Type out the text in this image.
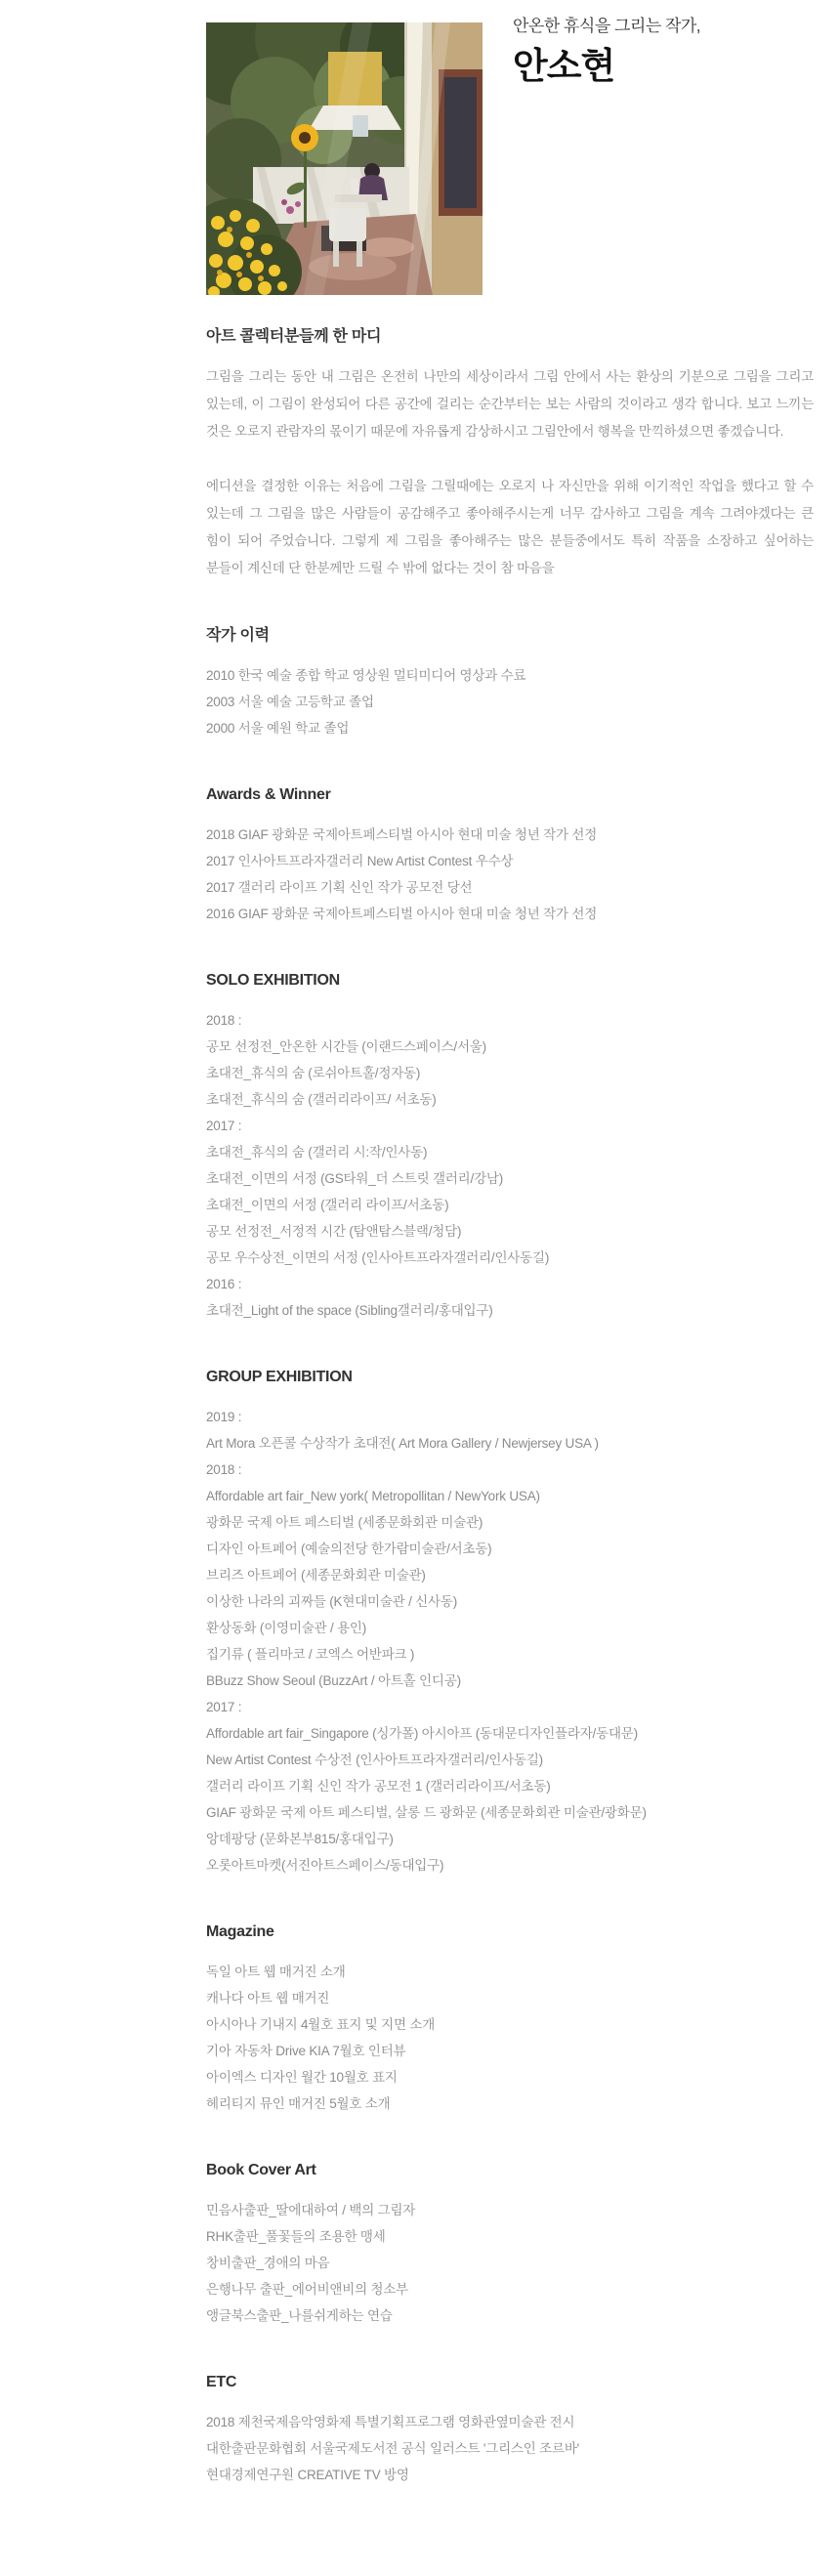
안온한 휴식을 그리는 작가,
안소현
아트 콜렉터분들께 한 마디

그림을 그리는 동안 내 그림은 온전히 나만의 세상이라서 그림 안에서 사는 환상의 기분으로 그림을 그리고 있는데, 이 그림이 완성되어 다른 공간에 걸리는 순간부터는 보는 사람의 것이라고 생각 합니다. 보고 느끼는 것은 오로지 관람자의 몫이기 때문에 자유롭게 감상하시고 그림안에서 행복을 만끽하셨으면 좋겠습니다.

에디션을 결정한 이유는 처음에 그림을 그릴때에는 오로지 나 자신만을 위해 이기적인 작업을 했다고 할 수 있는데 그 그림을 많은 사람들이 공감해주고 좋아해주시는게 너무 감사하고 그림을 계속 그려야겠다는 큰 힘이 되어 주었습니다. 그렇게 제 그림을 좋아해주는 많은 분들중에서도 특히 작품을 소장하고 싶어하는 분들이 계신데 단 한분께만 드릴 수 밖에 없다는 것이 참 마음을

작가 이력
2010 한국 예술 종합 학교 영상원 멀티미디어 영상과 수료
2003 서울 예술 고등학교 졸업
2000 서울 예원 학교 졸업
Awards & Winner
2018 GIAF 광화문 국제아트페스티벌 아시아 현대 미술 청년 작가 선정
2017 인사아트프라자갤러리 New Artist Contest 우수상
2017 갤러리 라이프 기획 신인 작가 공모전 당선
2016 GIAF 광화문 국제아트페스티벌 아시아 현대 미술 청년 작가 선정
SOLO EXHIBITION
2018 :
공모 선정전_안온한 시간들 (이랜드스페이스/서울)
초대전_휴식의 숨 (로쉬아트홀/정자동)
초대전_휴식의 숨 (갤러리라이프/ 서초동)
2017 :
초대전_휴식의 숨 (갤러리 시:작/인사동)
초대전_이면의 서정 (GS타워_더 스트릿 갤러리/강남)
초대전_이면의 서정 (갤러리 라이프/서초동)
공모 선정전_서정적 시간 (탐앤탐스블랙/청담)
공모 우수상전_이면의 서정 (인사아트프라자갤러리/인사동길)
2016 :
초대전_Light of the space (Sibling갤러리/홍대입구)
GROUP EXHIBITION
2019 :
Art Mora 오픈콜 수상작가 초대전( Art Mora Gallery / Newjersey USA )
2018 :
Affordable art fair_New york( Metropollitan / NewYork USA)
광화문 국제 아트 페스티벌 (세종문화회관 미술관)
디자인 아트페어 (예술의전당 한가람미술관/서초동)
브리즈 아트페어 (세종문화회관 미술관)
이상한 나라의 괴짜들 (K현대미술관 / 신사동)
환상동화 (이영미술관 / 용인)
집기류 ( 플리마코 / 코엑스 어반파크 )
BBuzz Show Seoul (BuzzArt / 아트홀 인디공)
2017 :
Affordable art fair_Singapore (싱가폴) 아시아프 (동대문디자인플라자/동대문)
New Artist Contest 수상전 (인사아트프라자갤러리/인사동길)
갤러리 라이프 기획 신인 작가 공모전 1 (갤러리라이프/서초동)
GIAF 광화문 국제 아트 페스티벌, 살롱 드 광화문 (세종문화회관 미술관/광화문)
앙데팡당 (문화본부815/홍대입구)
오롯아트마켓(서진아트스페이스/동대입구)
Magazine
독일 아트 웹 매거진 소개
캐나다 아트 웹 매거진
아시아나 기내지 4월호 표지 및 지면 소개
기아 자동차 Drive KIA 7월호 인터뷰
아이엑스 디자인 월간 10월호 표지
헤리티지 뮤인 매거진 5월호 소개
Book Cover Art
민음사출판_딸에대하여 / 백의 그림자
RHK출판_풀꽃들의 조용한 맹세
창비출판_경애의 마음
은행나무 출판_에어비앤비의 청소부
앵글북스출판_나를쉬게하는 연습
ETC
2018 제천국제음악영화제 특별기획프로그램 영화관옆미술관 전시
대한출판문화협회 서울국제도서전 공식 일러스트 '그리스인 조르바'
현대경제연구원 CREATIVE TV 방영
